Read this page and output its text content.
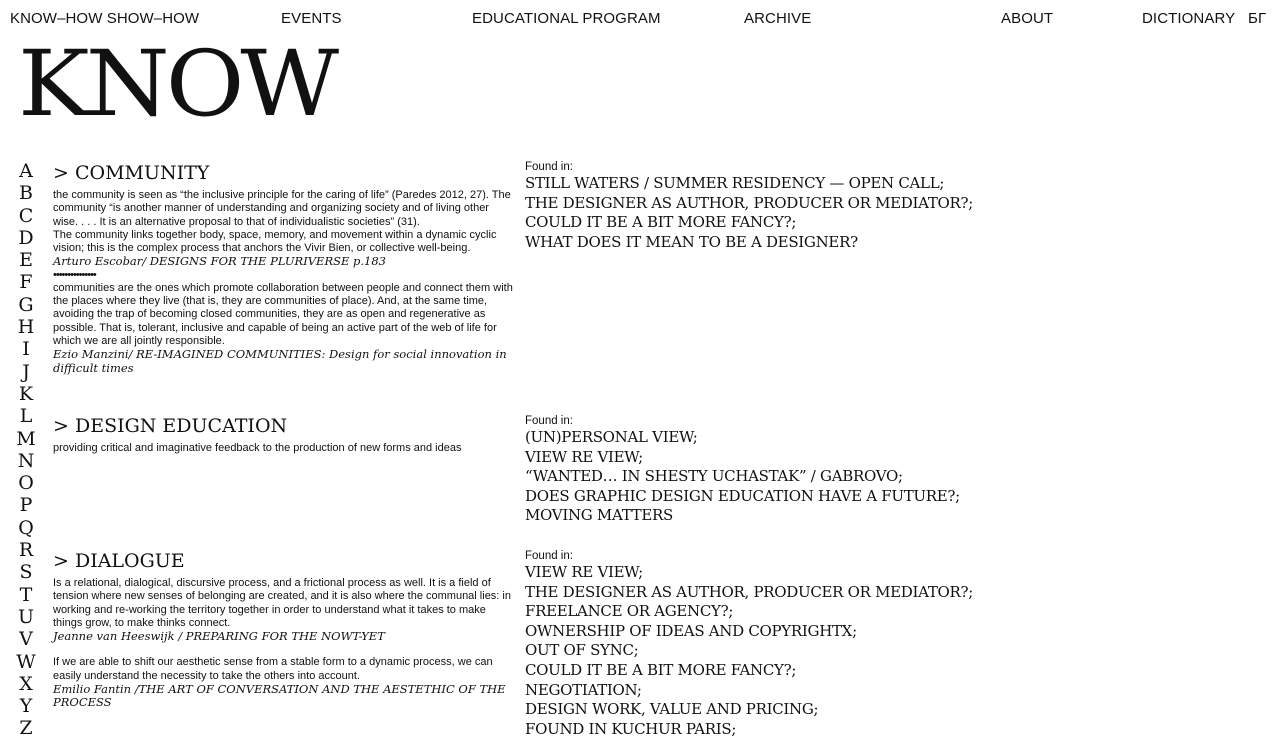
KNOW–HOW SHOW–HOW	EVENTS	EDUCATIONAL PROGRAM	ARCHIVE	ABOUT	DICTIONARY БГ
KNOW
A
B
C
D
E
F
G
H
I
J
K
L
M
N
O
P
Q
R
S
T
U
V
W
X
Y
Z
> COMMUNITY

the community is seen as “the inclusive principle for the caring of life” (Paredes 2012, 27). The community “is another manner of understanding and organizing society and of living other wise. . . . It is an alternative proposal to that of individualistic societies” (31).

The community links together body, space, memory, and movement within a dynamic cyclic vision; this is the complex process that anchors the Vivir Bien, or collective well-being.

Arturo Escobar/ DESIGNS FOR THE PLURIVERSE p.183

•••••••••••••••

communities are the ones which promote collaboration between people and connect them with the places where they live (that is, they are communities of place). And, at the same time, avoiding the trap of becoming closed communities, they are as open and regenerative as possible. That is, tolerant, inclusive and capable of being an active part of the web of life for which we are all jointly responsible.

Ezio Manzini/ RE-IMAGINED COMMUNITIES: Design for social innovation in difficult times

Found in:

STILL WATERS / SUMMER RESIDENCY — OPEN CALL;
THE DESIGNER AS AUTHOR, PRODUCER OR MEDIATOR?;
COULD IT BE A BIT MORE FANCY?;
WHAT DOES IT MEAN TO BE A DESIGNER?
> DESIGN EDUCATION

providing critical and imaginative feedback to the production of new forms and ideas

Found in:

(UN)PERSONAL VIEW;
VIEW RE VIEW;
“WANTED… IN SHESTY UCHASTAK” / GABROVO;
DOES GRAPHIC DESIGN EDUCATION HAVE A FUTURE?;
MOVING MATTERS
> DIALOGUE

Is a relational, dialogical, discursive process, and a frictional process as well. It is a field of tension where new senses of belonging are created, and it is also where the communal lies: in working and re-working the territory together in order to understand what it takes to make things grow, to make thinks connect.

Jeanne van Heeswijk / PREPARING FOR THE NOWT-YET

If we are able to shift our aesthetic sense from a stable form to a dynamic process, we can easily understand the necessity to take the others into account.

Emilio Fantin /THE ART OF CONVERSATION AND THE AESTETHIC OF THE PROCESS

Found in:

VIEW RE VIEW;
THE DESIGNER AS AUTHOR, PRODUCER OR MEDIATOR?;
FREELANCE OR AGENCY?;
OWNERSHIP OF IDEAS AND COPYRIGHTX;
OUT OF SYNC;
COULD IT BE A BIT MORE FANCY?;
NEGOTIATION;
DESIGN WORK, VALUE AND PRICING;
FOUND IN KUCHUR PARIS;
